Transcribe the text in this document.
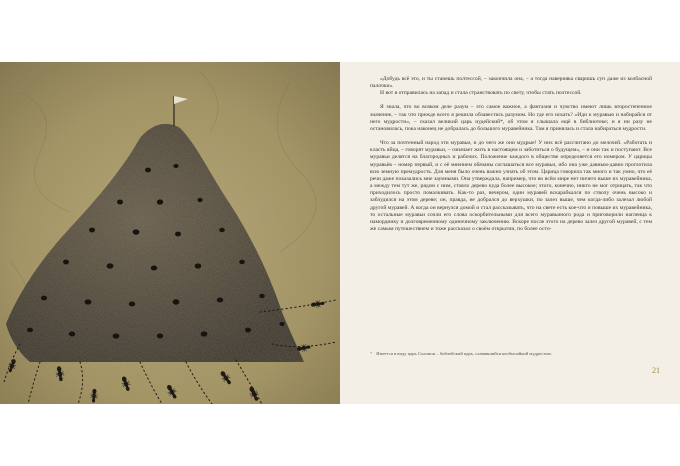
«Добудь всё это, и ты станешь полтессой, – закончила она, – а тогда наверняка сваришь суп даже из колбасной палочки».

И вот я отправилась на запад и стала странствовать по свету, чтобы стать полтессой.

Я знала, что во всяком деле разум – это самое важное, а фантазия и чувство имеют лишь второстепенное значение, – так что прежде всего я решила обзавестись разумом. Но где его искать? «Иди к муравью и набирайся от него мудрости», – сказал великий царь иудейский*, об этом я слышала ещё в библиотеке; и я ни разу не остановилась, пока наконец не добралась до большого муравейника. Там я принялась и стала набираться мудрости.

Что за почтенный народ эти муравьи, и до чего же они мудрые! У них всё рассчитано до мелочей. «Работать и класть яйца, – говорят муравьи, – означает жить в настоящем и заботиться о будущем», – и они так и поступают. Все муравьи делятся на благородных и рабочих. Положение каждого в обществе определяется его номером. У царицы муравьёв – номер первый, и с её мнением обязаны соглашаться все муравьи, ибо она уже давным-давно проглотила всю земную премудрость. Для меня было очень важно узнать об этом. Царица говорила так много и так умно, что её речи даже показались мне заумными. Она утверждала, например, что во всём мире нет ничего выше их муравейника, а между тем тут же, рядом с ним, стояло дерево куда более высокое; этого, конечно, никто не мог отрицать, так что приходилось просто помалкивать. Как-то раз, вечером, один муравей вскарабкался по стволу очень высоко и заблудился на этом дереве; он, правда, не добрался до верхушки, по залез выше, чем когда-либо залезал любой другой муравей. А когда он вернулся домой и стал рассказывать, что на свете есть кое-что и повыше их муравейника, то остальные муравьи сочли его слова оскорбительными для всего муравьиного рода и приговорили нагленца к наморднику и долговременному одиночному заключению. Вскоре после этого на дерево залез другой муравей, с тем же самым путешествием и тоже рассказал о своём открытии, по более осто-

* Имеется в виду царь Соломон – библейский царь, славившийся необычайной мудростью.
21
